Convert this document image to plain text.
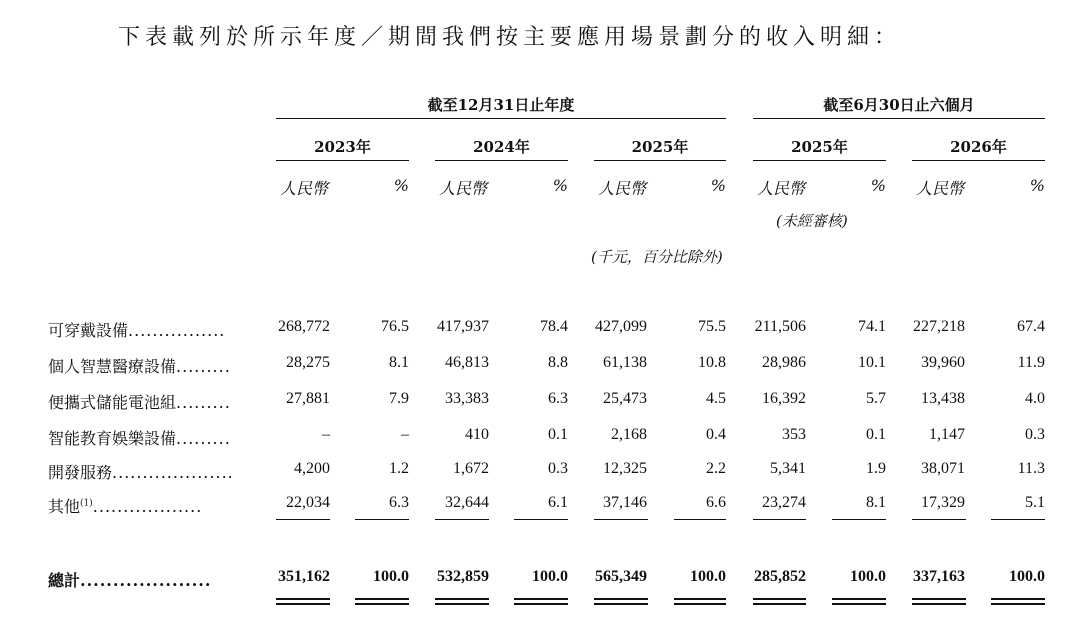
下表載列於所示年度／期間我們按主要應用場景劃分的收入明細：
截至12月31日止年度	截至6月30日止六個月
2023年	2024年	2025年	2025年	2026年
人民幣	% 人民幣	% 人民幣	% 人民幣	% 人民幣	%
(未經審核)
(千元，百分比除外)
可穿戴設備................	268,772	76.5	417,937	78.4	427,099	75.5	211,506	74.1	227,218	67.4
個人智慧醫療設備.........	28,275	8.1	46,813	8.8	61,138	10.8	28,986	10.1	39,960	11.9
便攜式儲能電池組.........	27,881	7.9	33,383	6.3	25,473	4.5	16,392	5.7	13,438	4.0
智能教育娛樂設備.........	–	–	410	0.1	2,168	0.4	353	0.1	1,147	0.3
開發服務....................	4,200	1.2	1,672	0.3	12,325	2.2	5,341	1.9	38,071	11.3
其他$^{(1)}$..................	22,034	6.3	32,644	6.1	37,146	6.6	23,274	8.1	17,329	5.1
總計....................	351,162	100.0	532,859	100.0	565,349	100.0	285,852	100.0	337,163	100.0
